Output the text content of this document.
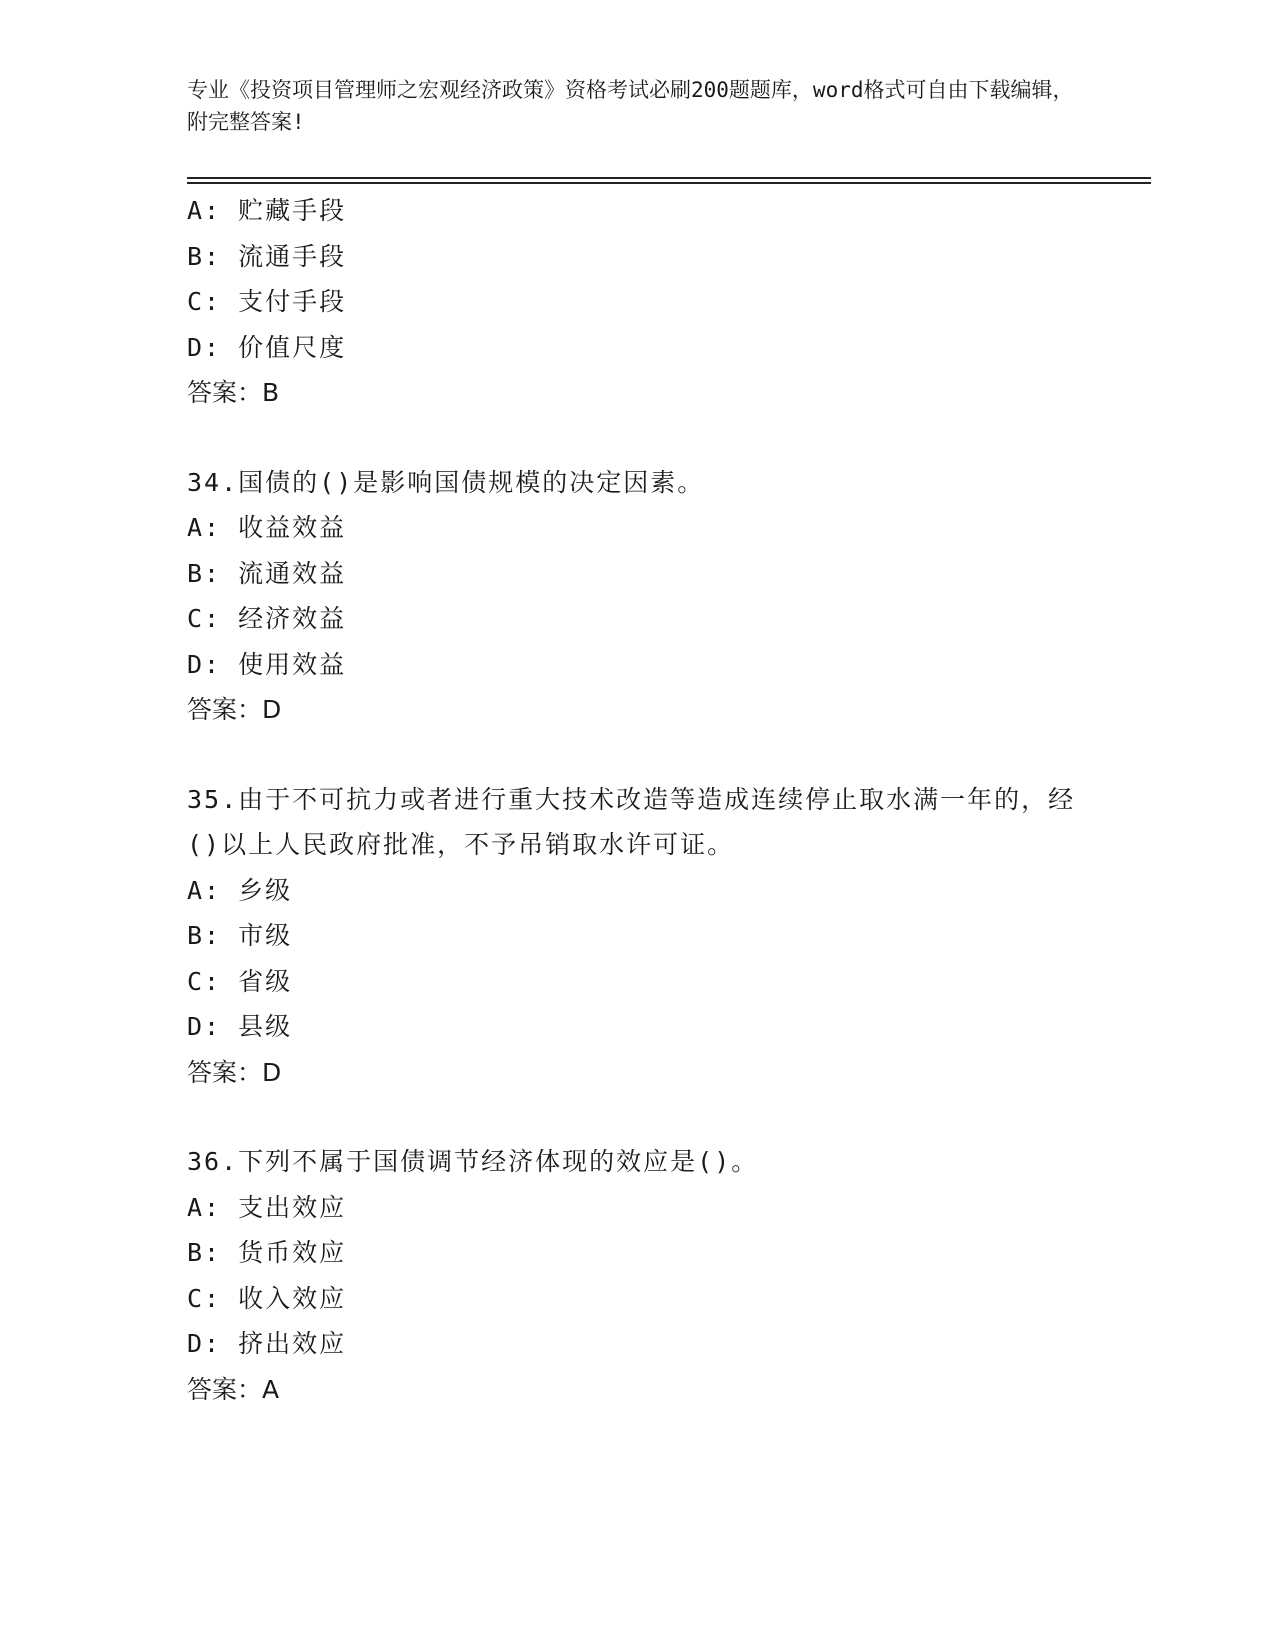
专业《投资项目管理师之宏观经济政策》资格考试必刷200题题库，word格式可自由下载编辑，附完整答案!
A: 贮藏手段
B: 流通手段
C: 支付手段
D: 价值尺度
答案：B
34.国债的()是影响国债规模的决定因素。
A: 收益效益
B: 流通效益
C: 经济效益
D: 使用效益
答案：D
35.由于不可抗力或者进行重大技术改造等造成连续停止取水满一年的，经()以上人民政府批准，不予吊销取水许可证。
A: 乡级
B: 市级
C: 省级
D: 县级
答案：D
36.下列不属于国债调节经济体现的效应是()。
A: 支出效应
B: 货币效应
C: 收入效应
D: 挤出效应
答案：A
